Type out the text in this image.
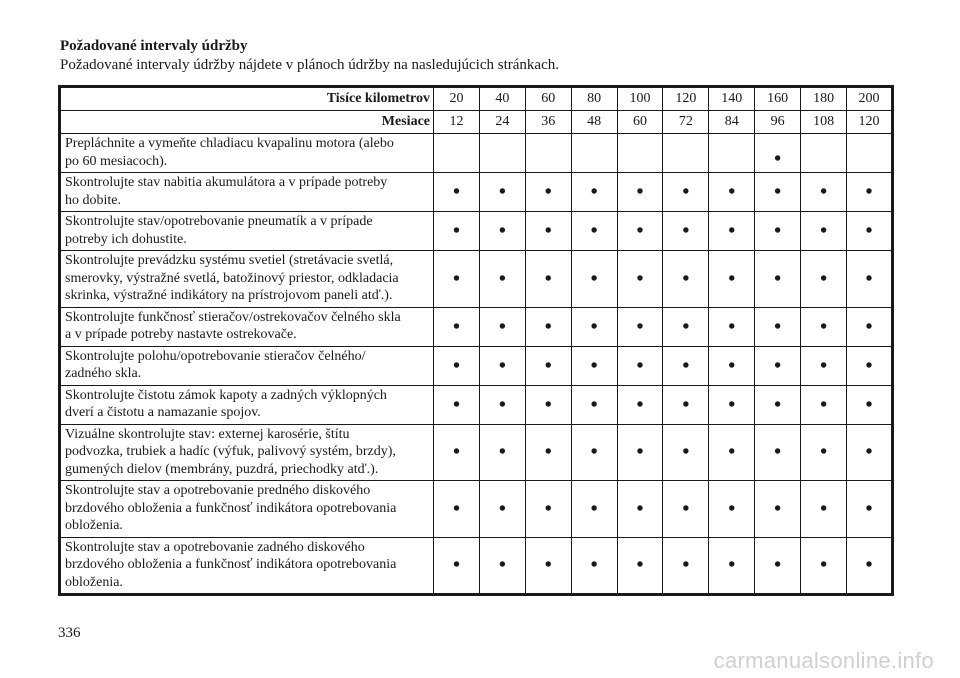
Požadované intervaly údržby

Požadované intervaly údržby nájdete v plánoch údržby na nasledujúcich stránkach.

Tisíce kilometrov	20	40	60	80	100	120	140	160	180	200
Mesiace	12	24	36	48	60	72	84	96	108	120

Prepláchnite a vymeňte chladiacu kvapalinu motora (alebo
po 60 mesiacoch).								•		

Skontrolujte stav nabitia akumulátora a v prípade potreby
ho dobite.	•	•	•	•	•	•	•	•	•	•

Skontrolujte stav/opotrebovanie pneumatík a v prípade
potreby ich dohustite.	•	•	•	•	•	•	•	•	•	•

Skontrolujte prevádzku systému svetiel (stretávacie svetlá,
smerovky, výstražné svetlá, batožinový priestor, odkladacia
skrinka, výstražné indikátory na prístrojovom paneli atď.).	•	•	•	•	•	•	•	•	•	•

Skontrolujte funkčnosť stieračov/ostrekovačov čelného skla
a v prípade potreby nastavte ostrekovače.	•	•	•	•	•	•	•	•	•	•

Skontrolujte polohu/opotrebovanie stieračov čelného/
zadného skla.	•	•	•	•	•	•	•	•	•	•

Skontrolujte čistotu zámok kapoty a zadných výklopných
dverí a čistotu a namazanie spojov.	•	•	•	•	•	•	•	•	•	•

Vizuálne skontrolujte stav: externej karosérie, štítu
podvozka, trubiek a hadíc (výfuk, palivový systém, brzdy),
gumených dielov (membrány, puzdrá, priechodky atď.).	•	•	•	•	•	•	•	•	•	•

Skontrolujte stav a opotrebovanie predného diskového
brzdového obloženia a funkčnosť indikátora opotrebovania
obloženia.	•	•	•	•	•	•	•	•	•	•

Skontrolujte stav a opotrebovanie zadného diskového
brzdového obloženia a funkčnosť indikátora opotrebovania
obloženia.	•	•	•	•	•	•	•	•	•	•

336

carmanualsonline.info
